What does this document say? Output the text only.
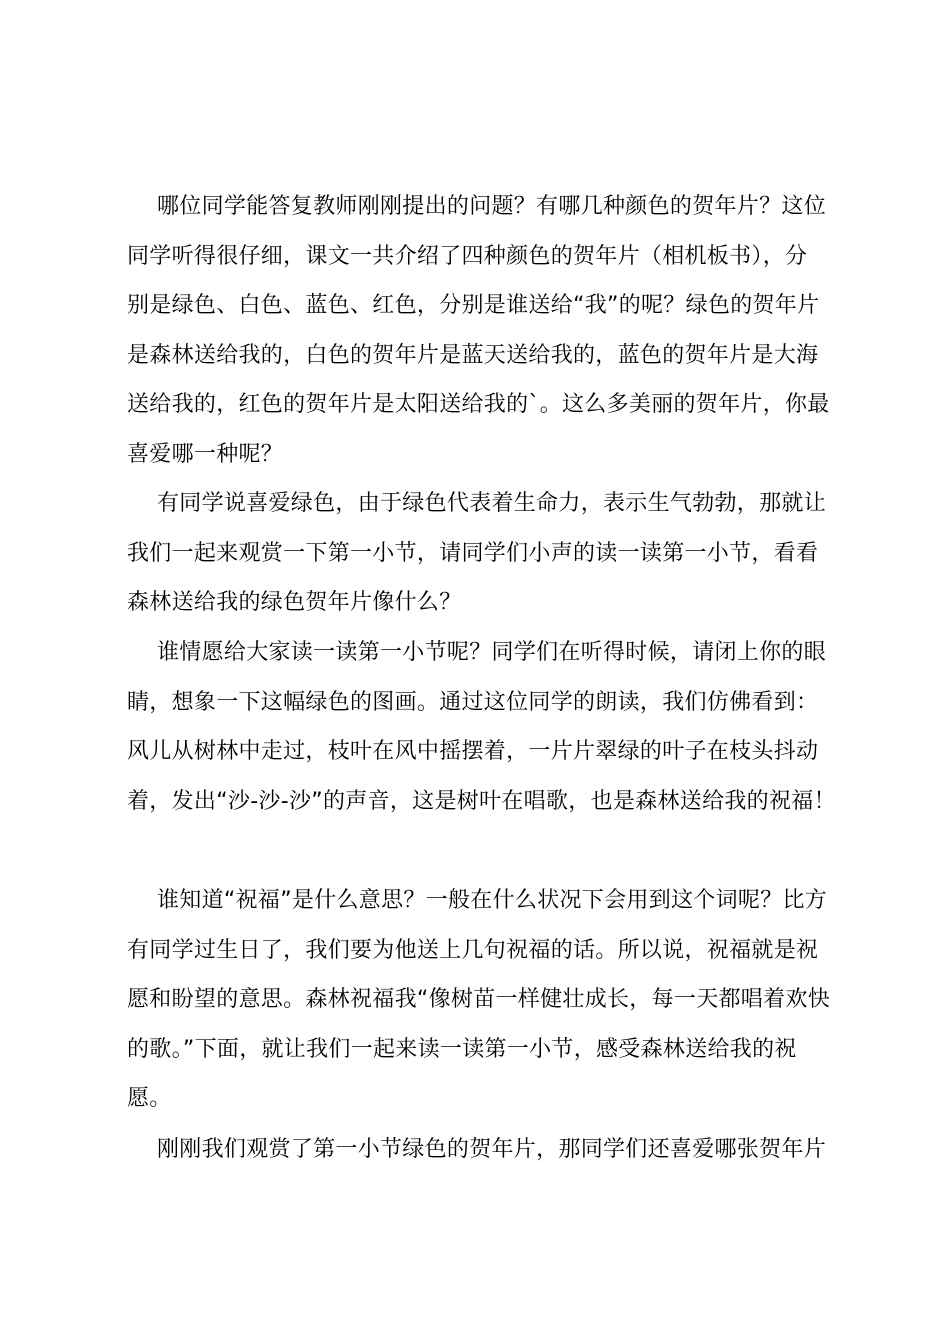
哪位同学能答复教师刚刚提出的问题？有哪几种颜色的贺年片？这位
同学听得很仔细，课文一共介绍了四种颜色的贺年片（相机板书），分
别是绿色、白色、蓝色、红色，分别是谁送给“我”的呢？绿色的贺年片
是森林送给我的，白色的贺年片是蓝天送给我的，蓝色的贺年片是大海
送给我的，红色的贺年片是太阳送给我的`。这么多美丽的贺年片，你最
喜爱哪一种呢？
有同学说喜爱绿色，由于绿色代表着生命力，表示生气勃勃，那就让
我们一起来观赏一下第一小节，请同学们小声的读一读第一小节，看看
森林送给我的绿色贺年片像什么？
谁情愿给大家读一读第一小节呢？同学们在听得时候，请闭上你的眼
睛，想象一下这幅绿色的图画。通过这位同学的朗读，我们仿佛看到：
风儿从树林中走过，枝叶在风中摇摆着，一片片翠绿的叶子在枝头抖动
着，发出“沙-沙-沙”的声音，这是树叶在唱歌，也是森林送给我的祝福！
谁知道“祝福”是什么意思？一般在什么状况下会用到这个词呢？比方
有同学过生日了，我们要为他送上几句祝福的话。所以说，祝福就是祝
愿和盼望的意思。森林祝福我“像树苗一样健壮成长，每一天都唱着欢快
的歌。”下面，就让我们一起来读一读第一小节，感受森林送给我的祝
愿。
刚刚我们观赏了第一小节绿色的贺年片，那同学们还喜爱哪张贺年片
